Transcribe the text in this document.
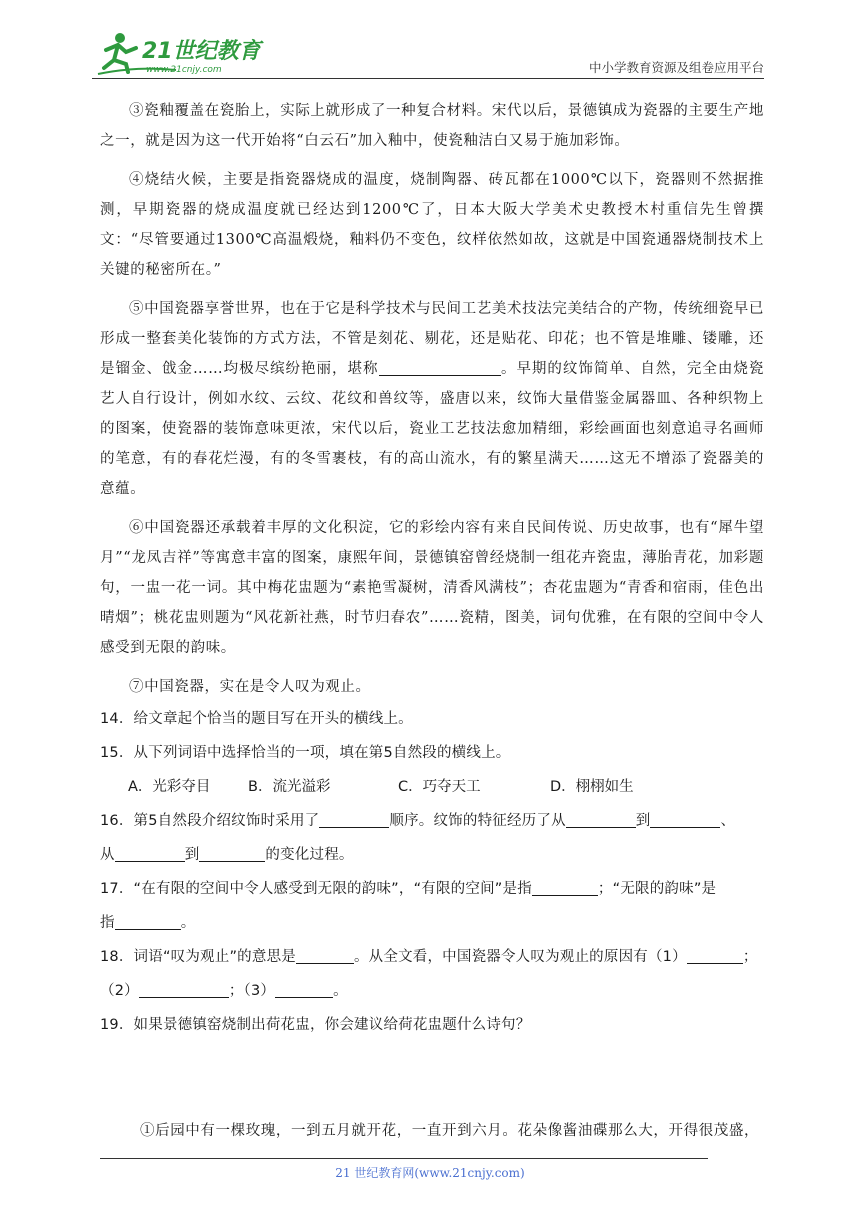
21世纪教育
www.21cnjy.com	中小学教育资源及组卷应用平台

③瓷釉覆盖在瓷胎上，实际上就形成了一种复合材料。宋代以后，景德镇成为瓷器的主要生产地之一，就是因为这一代开始将“白云石”加入釉中，使瓷釉洁白又易于施加彩饰。

④烧结火候，主要是指瓷器烧成的温度，烧制陶器、砖瓦都在1000℃以下，瓷器则不然据推测，早期瓷器的烧成温度就已经达到1200℃了，日本大阪大学美术史教授木村重信先生曾撰文：“尽管要通过1300℃高温煅烧，釉料仍不变色，纹样依然如故，这就是中国瓷通器烧制技术上关键的秘密所在。”

⑤中国瓷器享誉世界，也在于它是科学技术与民间工艺美术技法完美结合的产物，传统细瓷早已形成一整套美化装饰的方式方法，不管是刻花、剔花，还是贴花、印花；也不管是堆雕、镂雕，还是镏金、戗金……均极尽缤纷艳丽，堪称	。早期的纹饰简单、自然，完全由烧瓷艺人自行设计，例如水纹、云纹、花纹和兽纹等，盛唐以来，纹饰大量借鉴金属器皿、各种织物上的图案，使瓷器的装饰意味更浓，宋代以后，瓷业工艺技法愈加精细，彩绘画面也刻意追寻名画师的笔意，有的春花烂漫，有的冬雪裹枝，有的高山流水，有的繁星满天……这无不增添了瓷器美的意蕴。

⑥中国瓷器还承载着丰厚的文化积淀，它的彩绘内容有来自民间传说、历史故事，也有“犀牛望月”“龙凤吉祥”等寓意丰富的图案，康熙年间，景德镇窑曾经烧制一组花卉瓷盅，薄胎青花，加彩题句，一盅一花一词。其中梅花盅题为“素艳雪凝树，清香风满枝”；杏花盅题为“青香和宿雨，佳色出晴烟”；桃花盅则题为“风花新社燕，时节归春农”……瓷精，图美，词句优雅，在有限的空间中令人感受到无限的韵味。

⑦中国瓷器，实在是令人叹为观止。

14．给文章起个恰当的题目写在开头的横线上。

15．从下列词语中选择恰当的一项，填在第5自然段的横线上。

A．光彩夺目	B．流光溢彩	C．巧夺天工	D．栩栩如生

16．第5自然段介绍纹饰时采用了	顺序。纹饰的特征经历了从	到	、

从	到	的变化过程。

17．“在有限的空间中令人感受到无限的韵味”，“有限的空间”是指	；“无限的韵味”是

指	。

18．词语“叹为观止”的意思是	。从全文看，中国瓷器令人叹为观止的原因有（1）	；

（2）	；（3）	。

19．如果景德镇窑烧制出荷花盅，你会建议给荷花盅题什么诗句？

①后园中有一棵玫瑰，一到五月就开花，一直开到六月。花朵像酱油碟那么大，开得很茂盛，

21 世纪教育网(www.21cnjy.com)
